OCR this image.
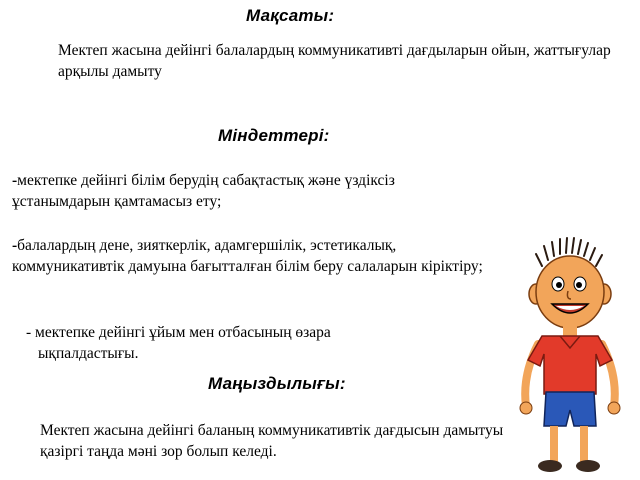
Мақсаты:

Мектеп жасына дейінгі балалардың коммуникативті дағдыларын ойын, жаттығулар арқылы дамыту

Міндеттері:

-мектепке дейінгі білім берудің сабақтастық және үздіксіз ұстанымдарын қамтамасыз ету;

-балалардың дене, зияткерлік, адамгершілік, эстетикалық, коммуникативтік дамуына бағытталған білім беру салаларын кіріктіру;

- мектепке дейінгі ұйым мен отбасының өзара
ықпалдастығы.

Маңыздылығы:

Мектеп жасына дейінгі баланың коммуникативтік дағдысын дамытуы қазіргі таңда мәні зор болып келеді.
